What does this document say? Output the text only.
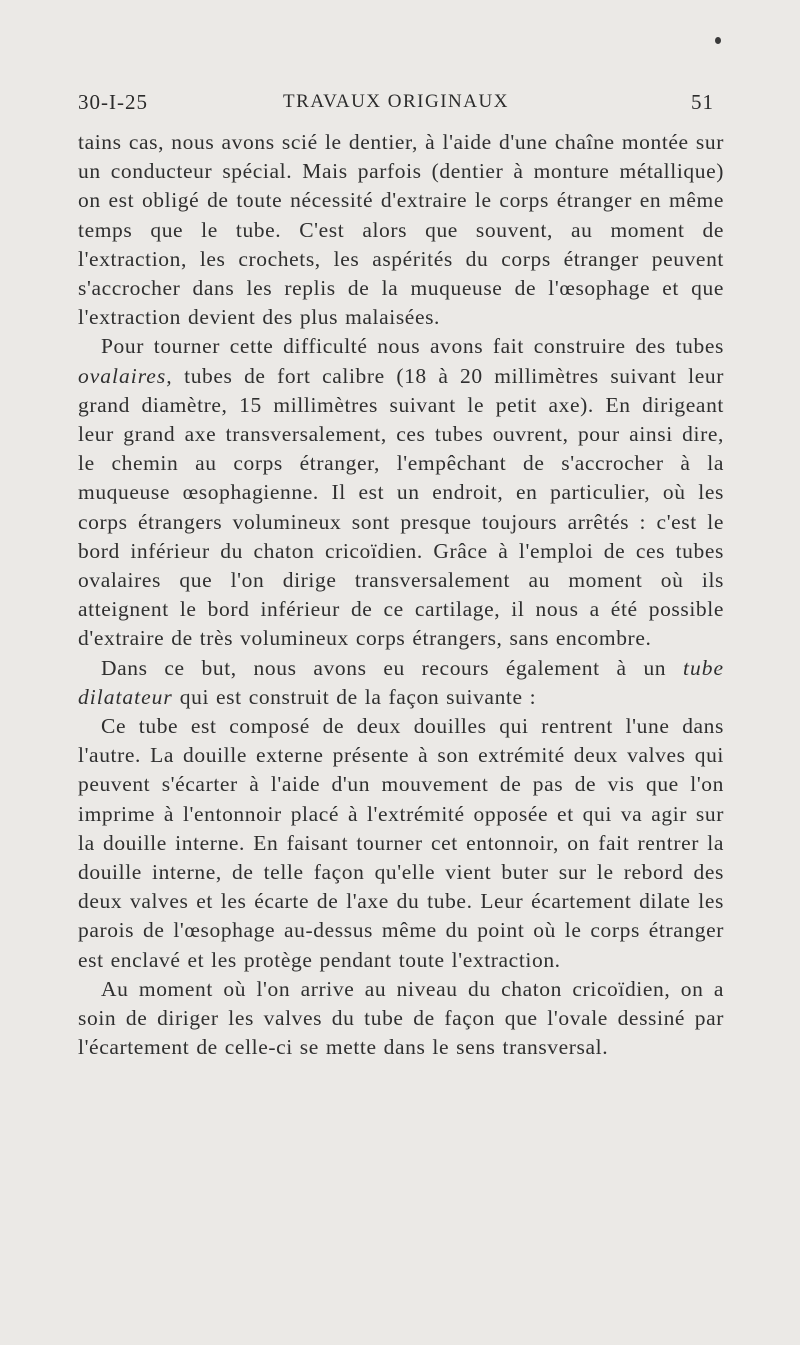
30-I-25	TRAVAUX ORIGINAUX	51

tains cas, nous avons scié le dentier, à l'aide d'une chaîne montée sur un conducteur spécial. Mais parfois (dentier à monture métallique) on est obligé de toute nécessité d'extraire le corps étranger en même temps que le tube. C'est alors que souvent, au moment de l'extraction, les crochets, les aspérités du corps étranger peuvent s'accrocher dans les replis de la muqueuse de l'œsophage et que l'extraction devient des plus malaisées.

Pour tourner cette difficulté nous avons fait construire des tubes ovalaires, tubes de fort calibre (18 à 20 millimètres suivant leur grand diamètre, 15 millimètres suivant le petit axe). En dirigeant leur grand axe transversalement, ces tubes ouvrent, pour ainsi dire, le chemin au corps étranger, l'empêchant de s'accrocher à la muqueuse œsophagienne. Il est un endroit, en particulier, où les corps étrangers volumineux sont presque toujours arrêtés : c'est le bord inférieur du chaton cricoïdien. Grâce à l'emploi de ces tubes ovalaires que l'on dirige transversalement au moment où ils atteignent le bord inférieur de ce cartilage, il nous a été possible d'extraire de très volumineux corps étrangers, sans encombre.

Dans ce but, nous avons eu recours également à un tube dilatateur qui est construit de la façon suivante :

Ce tube est composé de deux douilles qui rentrent l'une dans l'autre. La douille externe présente à son extrémité deux valves qui peuvent s'écarter à l'aide d'un mouvement de pas de vis que l'on imprime à l'entonnoir placé à l'extrémité opposée et qui va agir sur la douille interne. En faisant tourner cet entonnoir, on fait rentrer la douille interne, de telle façon qu'elle vient buter sur le rebord des deux valves et les écarte de l'axe du tube. Leur écartement dilate les parois de l'œsophage au-dessus même du point où le corps étranger est enclavé et les protège pendant toute l'extraction.

Au moment où l'on arrive au niveau du chaton cricoïdien, on a soin de diriger les valves du tube de façon que l'ovale dessiné par l'écartement de celle-ci se mette dans le sens transversal.
